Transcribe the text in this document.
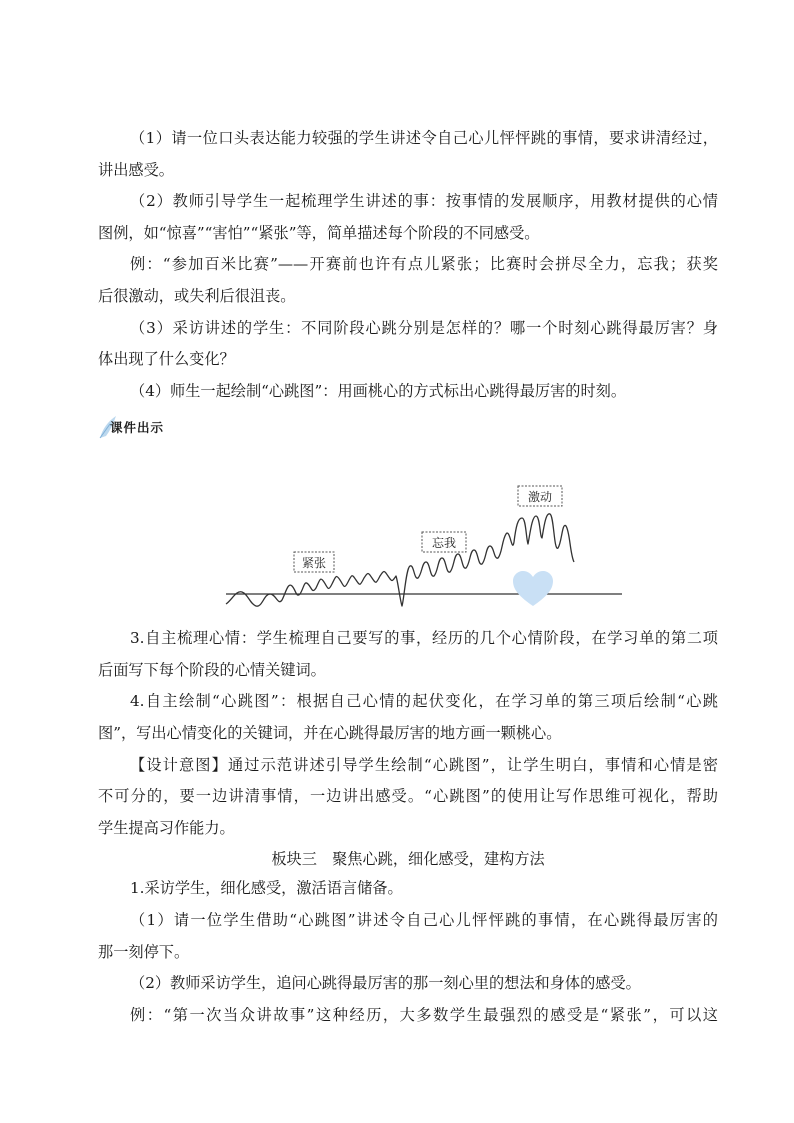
（1）请一位口头表达能力较强的学生讲述令自己心儿怦怦跳的事情，要求讲清经过，
讲出感受。
（2）教师引导学生一起梳理学生讲述的事：按事情的发展顺序，用教材提供的心情
图例，如“惊喜”“害怕”“紧张”等，简单描述每个阶段的不同感受。
例：“参加百米比赛”——开赛前也许有点儿紧张；比赛时会拼尽全力，忘我；获奖
后很激动，或失利后很沮丧。
（3）采访讲述的学生：不同阶段心跳分别是怎样的？哪一个时刻心跳得最厉害？身
体出现了什么变化？
（4）师生一起绘制“心跳图”：用画桃心的方式标出心跳得最厉害的时刻。
课件出示
紧张
忘我
激动
3.自主梳理心情：学生梳理自己要写的事，经历的几个心情阶段，在学习单的第二项
后面写下每个阶段的心情关键词。
4.自主绘制“心跳图”：根据自己心情的起伏变化，在学习单的第三项后绘制“心跳
图”，写出心情变化的关键词，并在心跳得最厉害的地方画一颗桃心。
【设计意图】通过示范讲述引导学生绘制“心跳图”，让学生明白，事情和心情是密
不可分的，要一边讲清事情，一边讲出感受。“心跳图”的使用让写作思维可视化，帮助
学生提高习作能力。
板块三　聚焦心跳，细化感受，建构方法
1.采访学生，细化感受，激活语言储备。
（1）请一位学生借助“心跳图”讲述令自己心儿怦怦跳的事情，在心跳得最厉害的
那一刻停下。
（2）教师采访学生，追问心跳得最厉害的那一刻心里的想法和身体的感受。
例：“第一次当众讲故事”这种经历，大多数学生最强烈的感受是“紧张”，可以这
